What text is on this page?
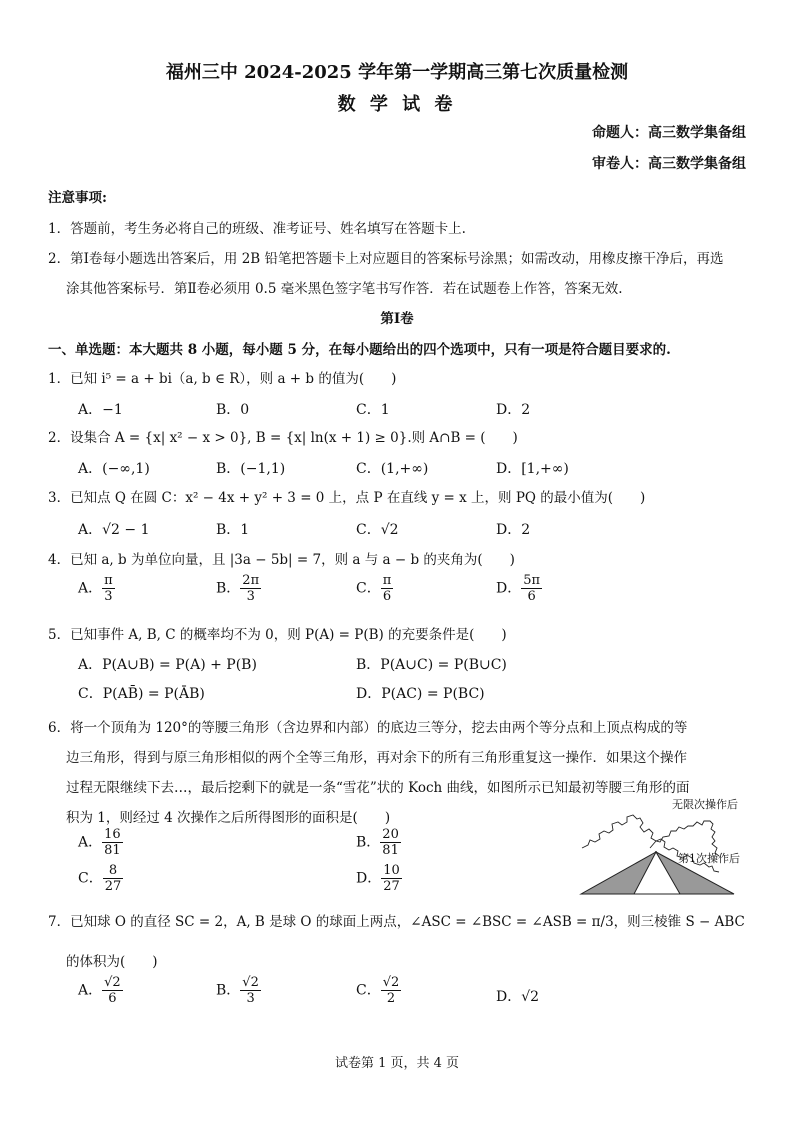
福州三中 2024-2025 学年第一学期高三第七次质量检测
数 学 试 卷
命题人：高三数学集备组
审卷人：高三数学集备组
注意事项:
1．答题前，考生务必将自己的班级、准考证号、姓名填写在答题卡上.
2．第Ⅰ卷每小题选出答案后，用 2B 铅笔把答题卡上对应题目的答案标号涂黑；如需改动，用橡皮擦干净后，再选
涂其他答案标号．第Ⅱ卷必须用 0.5 毫米黑色签字笔书写作答．若在试题卷上作答，答案无效.
第Ⅰ卷
一、单选题：本大题共 8 小题，每小题 5 分，在每小题给出的四个选项中，只有一项是符合题目要求的.
1．已知 i⁵ = a + bi（a, b ∈ R），则 a + b 的值为(　　)
A．−1	B．0	C．1	D．2
2．设集合 A = {x| x² − x > 0}, B = {x| ln(x + 1) ≥ 0}.则 A∩B = (　　)
A．(−∞,1)	B．(−1,1)	C．(1,+∞)	D．[1,+∞)
3．已知点 Q 在圆 C：x² − 4x + y² + 3 = 0 上，点 P 在直线 y = x 上，则 PQ 的最小值为(　　)
A．√2 − 1	B．1	C．√2	D．2
4．已知 a, b 为单位向量，且 |3a − 5b| = 7，则 a 与 a − b 的夹角为(　　)
A． $\frac{\pi}{3}$	B． $\frac{2\pi}{3}$	C． $\frac{\pi}{6}$	D． $\frac{5\pi}{6}$
5．已知事件 A, B, C 的概率均不为 0，则 P(A) = P(B) 的充要条件是(　　)
A．P(A∪B) = P(A) + P(B)	B．P(A∪C) = P(B∪C)
C．P(AB̄) = P(ĀB)	D．P(AC) = P(BC)
6．将一个顶角为 120°的等腰三角形（含边界和内部）的底边三等分，挖去由两个等分点和上顶点构成的等
边三角形，得到与原三角形相似的两个全等三角形，再对余下的所有三角形重复这一操作．如果这个操作
过程无限继续下去…，最后挖剩下的就是一条“雪花”状的 Koch 曲线，如图所示已知最初等腰三角形的面
积为 1，则经过 4 次操作之后所得图形的面积是(　　)
A． $\frac{16}{81}$	B． $\frac{20}{81}$
C． $\frac{8}{27}$	D． $\frac{10}{27}$
无限次操作后
第1次操作后
7．已知球 O 的直径 SC = 2，A, B 是球 O 的球面上两点，∠ASC = ∠BSC = ∠ASB = π/3，则三棱锥 S − ABC
的体积为(　　)
A． $\frac{√2}{6}$	B． $\frac{√2}{3}$	C． $\frac{√2}{2}$	D．√2
试卷第 1 页，共 4 页
